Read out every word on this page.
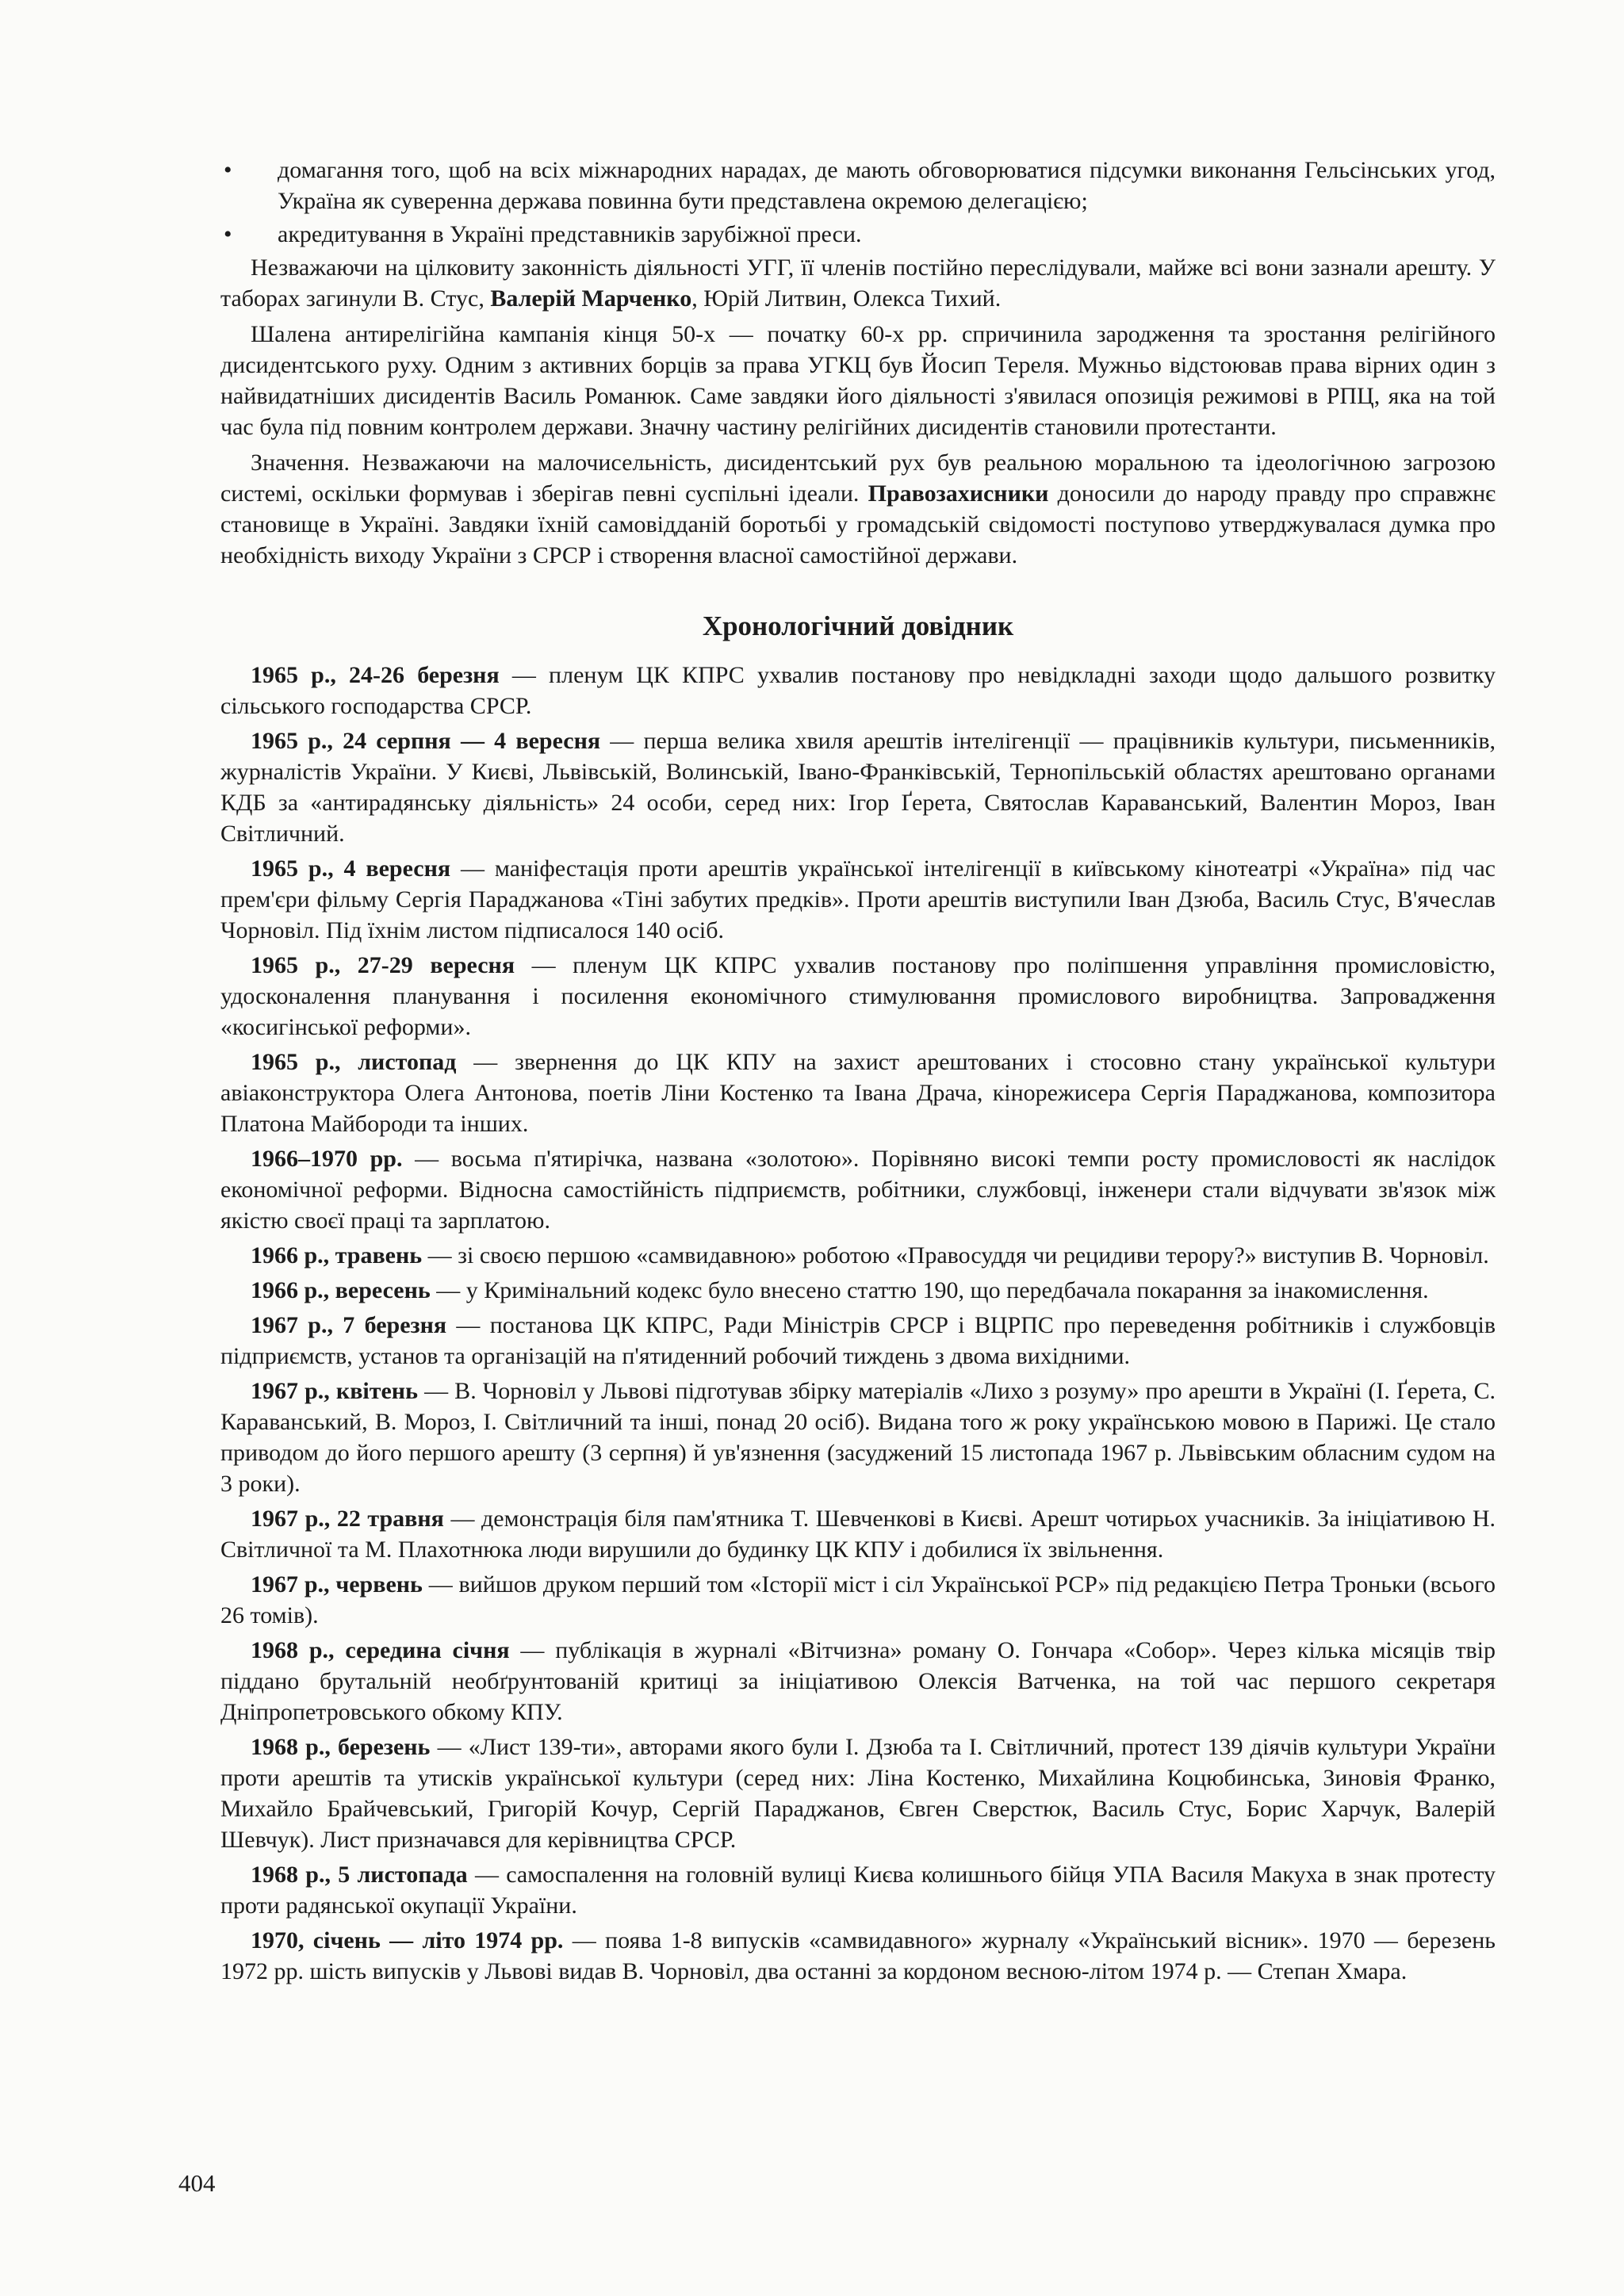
• домагання того, щоб на всіх міжнародних нарадах, де мають обговорюватися підсумки виконання Гельсінських угод, Україна як суверенна держава повинна бути представлена окремою делегацією;
• акредитування в Україні представників зарубіжної преси.

Незважаючи на цілковиту законність діяльності УГГ, її членів постійно переслідували, майже всі вони зазнали арешту. У таборах загинули В. Стус, Валерій Марченко, Юрій Литвин, Олекса Тихий.

Шалена антирелігійна кампанія кінця 50-х — початку 60-х рр. спричинила зародження та зростання релігійного дисидентського руху. Одним з активних борців за права УГКЦ був Йосип Тереля. Мужньо відстоював права вірних один з найвидатніших дисидентів Василь Романюк. Саме завдяки його діяльності з'явилася опозиція режимові в РПЦ, яка на той час була під повним контролем держави. Значну частину релігійних дисидентів становили протестанти.

Значення. Незважаючи на малочисельність, дисидентський рух був реальною моральною та ідеологічною загрозою системі, оскільки формував і зберігав певні суспільні ідеали. Правозахисники доносили до народу правду про справжнє становище в Україні. Завдяки їхній самовідданій боротьбі у громадській свідомості поступово утверджувалася думка про необхідність виходу України з СРСР і створення власної самостійної держави.

Хронологічний довідник

1965 р., 24-26 березня — пленум ЦК КПРС ухвалив постанову про невідкладні заходи щодо дальшого розвитку сільського господарства СРСР.

1965 р., 24 серпня — 4 вересня — перша велика хвиля арештів інтелігенції — працівників культури, письменників, журналістів України. У Києві, Львівській, Волинській, Івано-Франківській, Тернопільській областях арештовано органами КДБ за «антирадянську діяльність» 24 особи, серед них: Ігор Ґерета, Святослав Караванський, Валентин Мороз, Іван Світличний.

1965 р., 4 вересня — маніфестація проти арештів української інтелігенції в київському кінотеатрі «Україна» під час прем'єри фільму Сергія Параджанова «Тіні забутих предків». Проти арештів виступили Іван Дзюба, Василь Стус, В'ячеслав Чорновіл. Під їхнім листом підписалося 140 осіб.

1965 р., 27-29 вересня — пленум ЦК КПРС ухвалив постанову про поліпшення управління промисловістю, удосконалення планування і посилення економічного стимулювання промислового виробництва. Запровадження «косигінської реформи».

1965 р., листопад — звернення до ЦК КПУ на захист арештованих і стосовно стану української культури авіаконструктора Олега Антонова, поетів Ліни Костенко та Івана Драча, кінорежисера Сергія Параджанова, композитора Платона Майбороди та інших.

1966–1970 рр. — восьма п'ятирічка, названа «золотою». Порівняно високі темпи росту промисловості як наслідок економічної реформи. Відносна самостійність підприємств, робітники, службовці, інженери стали відчувати зв'язок між якістю своєї праці та зарплатою.

1966 р., травень — зі своєю першою «самвидавною» роботою «Правосуддя чи рецидиви терору?» виступив В. Чорновіл.

1966 р., вересень — у Кримінальний кодекс було внесено статтю 190, що передбачала покарання за інакомислення.

1967 р., 7 березня — постанова ЦК КПРС, Ради Міністрів СРСР і ВЦРПС про переведення робітників і службовців підприємств, установ та організацій на п'ятиденний робочий тиждень з двома вихідними.

1967 р., квітень — В. Чорновіл у Львові підготував збірку матеріалів «Лихо з розуму» про арешти в Україні (І. Ґерета, С. Караванський, В. Мороз, І. Світличний та інші, понад 20 осіб). Видана того ж року українською мовою в Парижі. Це стало приводом до його першого арешту (3 серпня) й ув'язнення (засуджений 15 листопада 1967 р. Львівським обласним судом на 3 роки).

1967 р., 22 травня — демонстрація біля пам'ятника Т. Шевченкові в Києві. Арешт чотирьох учасників. За ініціативою Н. Світличної та М. Плахотнюка люди вирушили до будинку ЦК КПУ і добилися їх звільнення.

1967 р., червень — вийшов друком перший том «Історії міст і сіл Української РСР» під редакцією Петра Троньки (всього 26 томів).

1968 р., середина січня — публікація в журналі «Вітчизна» роману О. Гончара «Собор». Через кілька місяців твір піддано брутальній необґрунтованій критиці за ініціативою Олексія Ватченка, на той час першого секретаря Дніпропетровського обкому КПУ.

1968 р., березень — «Лист 139-ти», авторами якого були І. Дзюба та І. Світличний, протест 139 діячів культури України проти арештів та утисків української культури (серед них: Ліна Костенко, Михайлина Коцюбинська, Зиновія Франко, Михайло Брайчевський, Григорій Кочур, Сергій Параджанов, Євген Сверстюк, Василь Стус, Борис Харчук, Валерій Шевчук). Лист призначався для керівництва СРСР.

1968 р., 5 листопада — самоспалення на головній вулиці Києва колишнього бійця УПА Василя Макуха в знак протесту проти радянської окупації України.

1970, січень — літо 1974 рр. — поява 1-8 випусків «самвидавного» журналу «Український вісник». 1970 — березень 1972 рр. шість випусків у Львові видав В. Чорновіл, два останні за кордоном весною-літом 1974 р. — Степан Хмара.

404
